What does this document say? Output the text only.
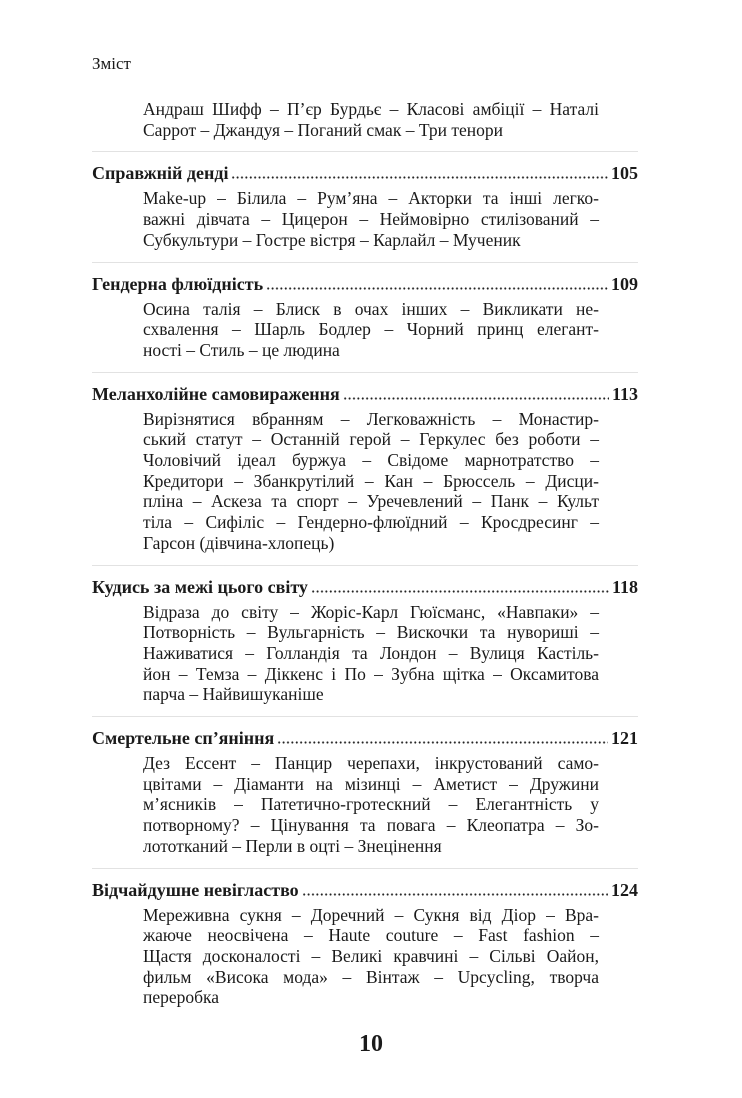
Зміст
Андраш Шифф – П’єр Бурдьє – Класові амбіції – Наталі
Саррот – Джандуя – Поганий смак – Три тенори
Справжній денді	105
Make-up – Білила – Рум’яна – Акторки та інші легко-
важні дівчата – Цицерон – Неймовірно стилізований –
Субкультури – Гостре вістря – Карлайл – Мученик
Гендерна флюїдність	109
Осина талія – Блиск в очах інших – Викликати не-
схвалення – Шарль Бодлер – Чорний принц елегант-
ності – Стиль – це людина
Меланхолійне самовираження	113
Вирізнятися вбранням – Легковажність – Монастир-
ський статут – Останній герой – Геркулес без роботи –
Чоловічий ідеал буржуа – Свідоме марнотратство –
Кредитори – Збанкрутілий – Кан – Брюссель – Дисци-
пліна – Аскеза та спорт – Уречевлений – Панк – Культ
тіла – Сифіліс – Гендерно-флюїдний – Кросдресинг –
Гарсон (дівчина-хлопець)
Кудись за межі цього світу	118
Відраза до світу – Жоріс-Карл Гюїсманс, «Навпаки» –
Потворність – Вульгарність – Вискочки та нувориші –
Наживатися – Голландія та Лондон – Вулиця Кастіль-
йон – Темза – Діккенс і По – Зубна щітка – Оксамитова
парча – Найвишуканіше
Смертельне сп’яніння	121
Дез Ессент – Панцир черепахи, інкрустований само-
цвітами – Діаманти на мізинці – Аметист – Дружини
м’ясників – Патетично-гротескний – Елегантність у
потворному? – Цінування та повага – Клеопатра – Зо-
лототканий – Перли в оцті – Знецінення
Відчайдушне невігластво	124
Мереживна сукня – Доречний – Сукня від Діор – Вра-
жаюче неосвічена – Haute couture – Fast fashion –
Щастя досконалості – Великі кравчині – Сільві Оайон,
фильм «Висока мода» – Вінтаж – Upcycling, творча
переробка
10
